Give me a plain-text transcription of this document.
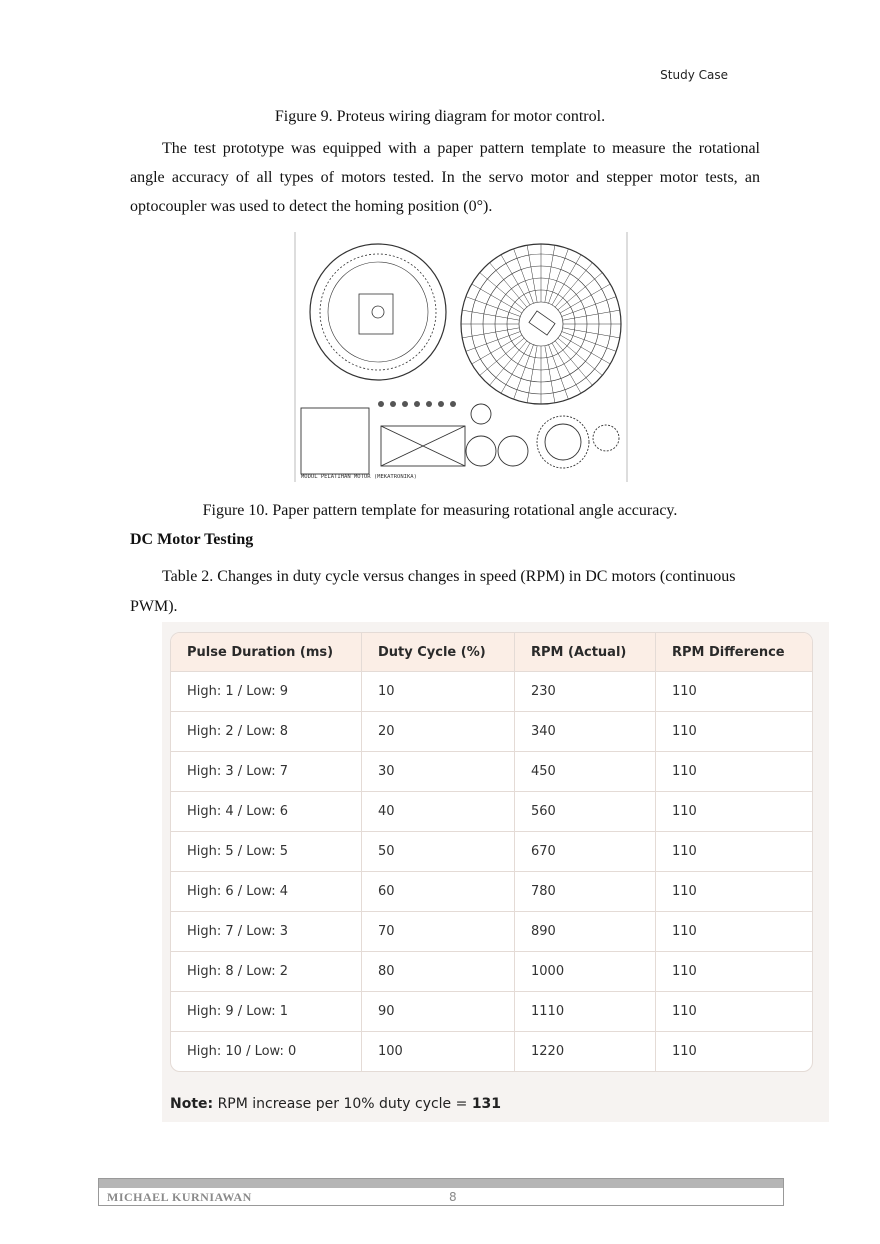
Study Case
Figure 9. Proteus wiring diagram for motor control.
The test prototype was equipped with a paper pattern template to measure the rotational angle accuracy of all types of motors tested. In the servo motor and stepper motor tests, an optocoupler was used to detect the homing position (0°).
MODUL PELATIHAN MOTOR (MEKATRONIKA)
Figure 10. Paper pattern template for measuring rotational angle accuracy.
DC Motor Testing
Table 2. Changes in duty cycle versus changes in speed (RPM) in DC motors (continuous PWM).
Pulse Duration (ms)	Duty Cycle (%)	RPM (Actual)	RPM Difference
High: 1 / Low: 9	10	230	110
High: 2 / Low: 8	20	340	110
High: 3 / Low: 7	30	450	110
High: 4 / Low: 6	40	560	110
High: 5 / Low: 5	50	670	110
High: 6 / Low: 4	60	780	110
High: 7 / Low: 3	70	890	110
High: 8 / Low: 2	80	1000	110
High: 9 / Low: 1	90	1110	110
High: 10 / Low: 0	100	1220	110
Note: RPM increase per 10% duty cycle = 131
MICHAEL KURNIAWAN	8
